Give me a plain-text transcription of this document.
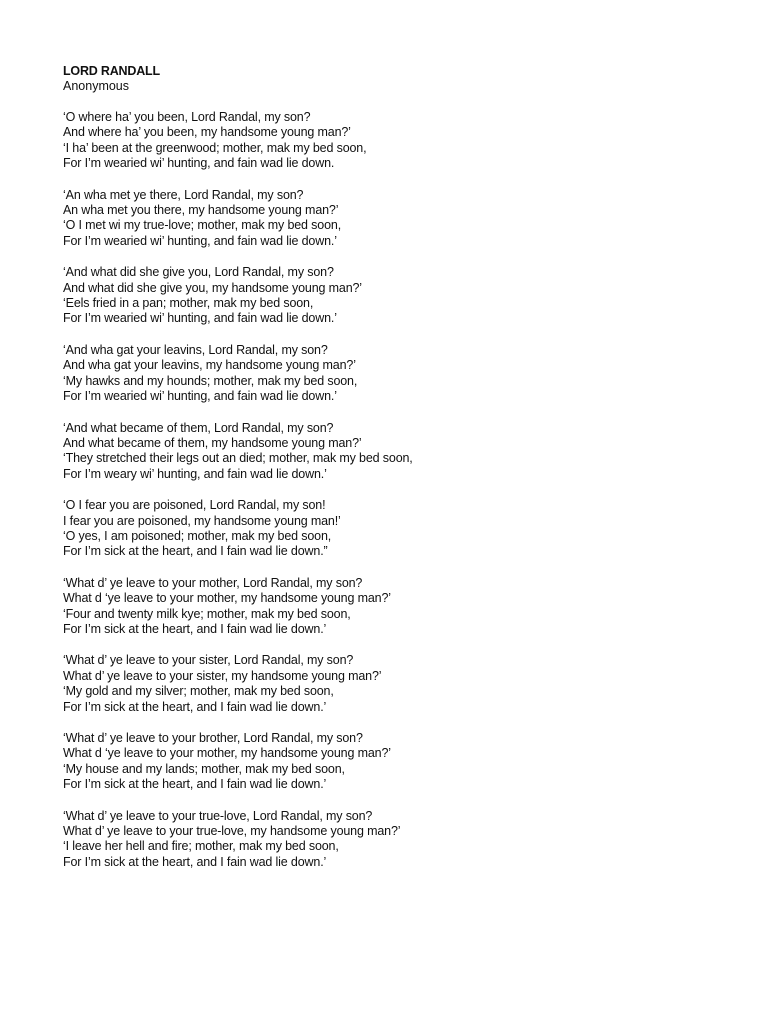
LORD RANDALL
Anonymous
‘O where ha’ you been, Lord Randal, my son?
And where ha’ you been, my handsome young man?’
‘I ha’ been at the greenwood; mother, mak my bed soon,
For I’m wearied wi’ hunting, and fain wad lie down.
‘An wha met ye there, Lord Randal, my son?
An wha met you there, my handsome young man?’
‘O I met wi my true-love; mother, mak my bed soon,
For I’m wearied wi’ hunting, and fain wad lie down.’
‘And what did she give you, Lord Randal, my son?
And what did she give you, my handsome young man?’
‘Eels fried in a pan; mother, mak my bed soon,
For I’m wearied wi’ hunting, and fain wad lie down.’
‘And wha gat your leavins, Lord Randal, my son?
And wha gat your leavins, my handsome young man?’
‘My hawks and my hounds; mother, mak my bed soon,
For I’m wearied wi’ hunting, and fain wad lie down.’
‘And what became of them, Lord Randal, my son?
And what became of them, my handsome young man?’
‘They stretched their legs out an died; mother, mak my bed soon,
For I’m weary wi’ hunting, and fain wad lie down.’
‘O I fear you are poisoned, Lord Randal, my son!
I fear you are poisoned, my handsome young man!’
‘O yes, I am poisoned; mother, mak my bed soon,
For I’m sick at the heart, and I fain wad lie down.”
‘What d’ ye leave to your mother, Lord Randal, my son?
What d ‘ye leave to your mother, my handsome young man?’
‘Four and twenty milk kye; mother, mak my bed soon,
For I’m sick at the heart, and I fain wad lie down.’
‘What d’ ye leave to your sister, Lord Randal, my son?
What d’ ye leave to your sister, my handsome young man?’
‘My gold and my silver; mother, mak my bed soon,
For I’m sick at the heart, and I fain wad lie down.’
‘What d’ ye leave to your brother, Lord Randal, my son?
What d ‘ye leave to your mother, my handsome young man?’
‘My house and my lands; mother, mak my bed soon,
For I’m sick at the heart, and I fain wad lie down.’
‘What d’ ye leave to your true-love, Lord Randal, my son?
What d’ ye leave to your true-love, my handsome young man?’
‘I leave her hell and fire; mother, mak my bed soon,
For I’m sick at the heart, and I fain wad lie down.’
